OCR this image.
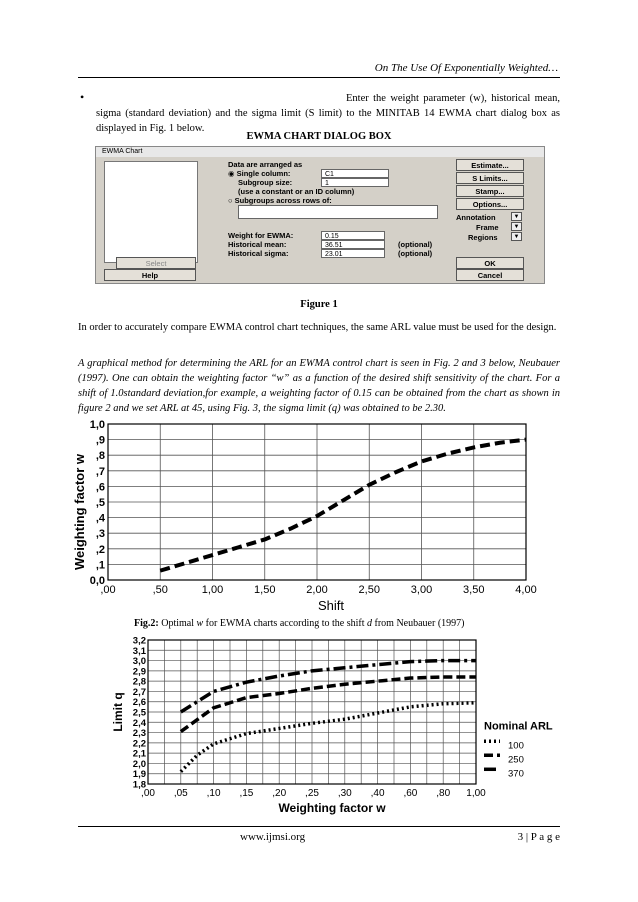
On The Use Of Exponentially Weighted…
•	Enter the weight parameter (w), historical mean, sigma (standard deviation) and the sigma limit (S limit) to the MINITAB 14 EWMA chart dialog box as displayed in Fig. 1 below.
EWMA CHART DIALOG BOX
EWMA Chart
Select
Help
Data are arranged as
◉ Single column:	C1
Subgroup size:	1
(use a constant or an ID column)
○ Subgroups across rows of:
Weight for EWMA:	0.15
Historical mean:	36.51	(optional)
Historical sigma:	23.01	(optional)
Estimate...
S Limits...
Stamp...
Options...
Annotation	▼
Frame	▼
Regions	▼
OK
Cancel
Figure 1
In order to accurately compare EWMA control chart techniques, the same ARL value must be used for the design.
A graphical method for determining the ARL for an EWMA control chart is seen in Fig. 2 and 3 below, Neubauer (1997). One can obtain the weighting factor “w” as a function of the desired shift sensitivity of the chart. For a shift of 1.0standard deviation,for example, a weighting factor of 0.15 can be obtained from the chart as shown in figure 2 and we set ARL at 45, using Fig. 3, the sigma limit (q) was obtained to be 2.30.
0,0
,1
,2
,3
,4
,5
,6
,7
,8
,9
1,0
,00	,50	1,00	1,50	2,00	2,50	3,00	3,50	4,00
Shift
Weighting factor w
Fig.2: Optimal w for EWMA charts according to the shift d from Neubauer (1997)
1,8
1,9
2,0
2,1
2,2
2,3
2,4
2,5
2,6
2,7
2,8
2,9
3,0
3,1
3,2
,00 ,05 ,10 ,15 ,20 ,25 ,30 ,40 ,60 ,80 1,00
Nominal ARL
100
250
370
Weighting factor w
Limit q
www.ijmsi.org	3 | P a g e
